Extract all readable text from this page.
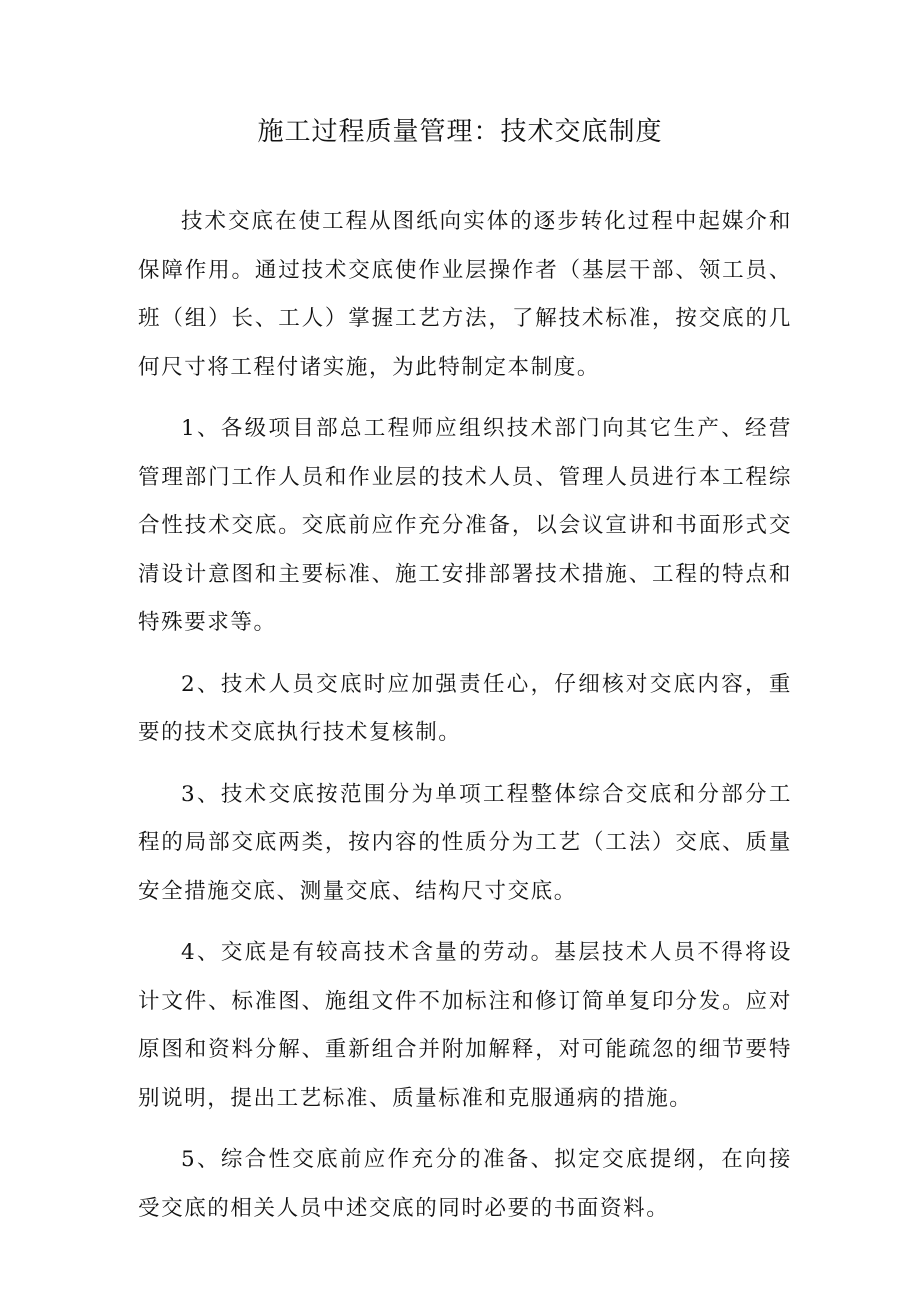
施工过程质量管理：技术交底制度

技术交底在使工程从图纸向实体的逐步转化过程中起媒介和保障作用。通过技术交底使作业层操作者（基层干部、领工员、班（组）长、工人）掌握工艺方法，了解技术标准，按交底的几何尺寸将工程付诸实施，为此特制定本制度。

1、各级项目部总工程师应组织技术部门向其它生产、经营管理部门工作人员和作业层的技术人员、管理人员进行本工程综合性技术交底。交底前应作充分准备，以会议宣讲和书面形式交清设计意图和主要标准、施工安排部署技术措施、工程的特点和特殊要求等。

2、技术人员交底时应加强责任心，仔细核对交底内容，重要的技术交底执行技术复核制。

3、技术交底按范围分为单项工程整体综合交底和分部分工程的局部交底两类，按内容的性质分为工艺（工法）交底、质量安全措施交底、测量交底、结构尺寸交底。

4、交底是有较高技术含量的劳动。基层技术人员不得将设计文件、标准图、施组文件不加标注和修订简单复印分发。应对原图和资料分解、重新组合并附加解释，对可能疏忽的细节要特别说明，提出工艺标准、质量标准和克服通病的措施。

5、综合性交底前应作充分的准备、拟定交底提纲，在向接受交底的相关人员中述交底的同时必要的书面资料。
